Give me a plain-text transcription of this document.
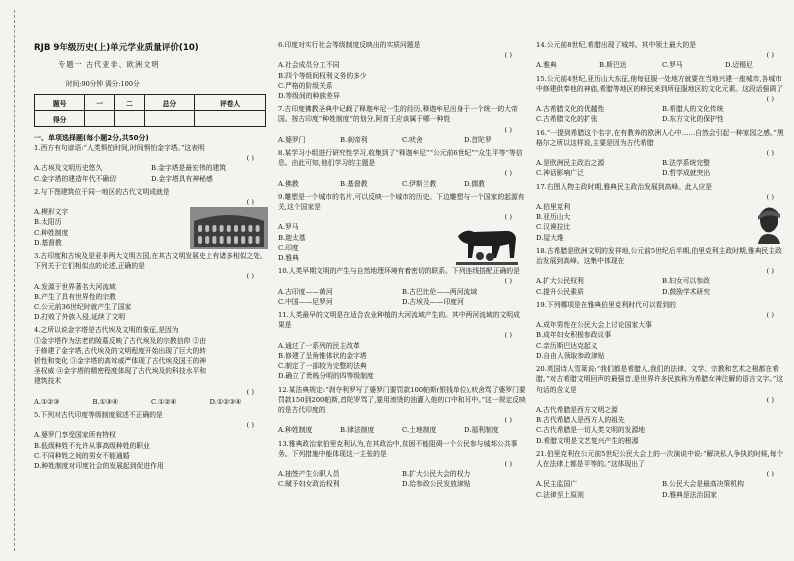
RJB 9年级历史(上)单元学业质量评价(10)
专题一 古代亚非、欧洲文明
时间:90分钟 满分:100分
题号	一	二	总分	评卷人
得分				
一、单项选择题(每小题2分,共50分)
1.西方有句谚语:“人类惧怕时间,时间惧怕金字塔。”这表明
( )
A.古埃及文明历史悠久	B.金字塔是最宏伟的建筑
C.金字塔的建造年代不确切	D.金字塔具有神秘感
2.与下图建筑位于同一地区的古代文明成就是
( )
A.楔形文字
B.太阳历
C.种姓制度
D.基督教
3.古印度和古埃及是亚非两大文明古国,在其古文明发展史上有诸多相似之处。下列关于它们相似点的论述,正确的是
( )
A.发源于世界著名大河流域
B.产生了具有世界性的宗教
C.公元前36世纪时就产生了国家
D.打败了外族入侵,延续了文明
4.之所以说金字塔是古代埃及文明的象征,是因为
①金字塔作为法老的陵墓反映了古代埃及的宗教信仰 ②由
于修建了金字塔,古代埃及的文明程度开始出现了巨大的转
折性和变化 ③金字塔的高耸威严体现了古代埃及国王的神
圣权威 ④金字塔的精密程度体现了古代埃及的科技水平和
建筑技术
( )
A.①②③	B.①③④	C.①②④	D.①②③④
5.下列对古代印度等级制度叙述不正确的是
( )
A.婆罗门享受国家所有特权
B.低级种姓不允许从事高级种姓的职业
C.不同种姓之间的男女不能通婚
D.种姓制度对印度社会的发展起到促进作用
6.印度对实行社会等级制度反映出的实质问题是
( )
A.社会成员分工不同
B.四个等级间权利义务的多少
C.严格的阶级关系
D.等级间的种族差异
7.古印度佛教圣典中记载了释迦牟尼一生的经历,释迦牟尼出身于一个统一的大帝国。按古印度“种姓制度”的划分,阿育王应该属于哪一种姓
( )
A.婆罗门	B.刹帝利	C.吠舍	D.首陀罗
8.某学习小组进行研究性学习,收集到了“释迦牟尼”“公元前6世纪”“众生平等”等信息。由此可知,他们学习的主题是
( )
A.佛教	B.基督教	C.伊斯兰教	D.儒教
9.雕塑是一个城市的名片,可以反映一个城市的历史。下边雕塑与一个国家的起源有关,这个国家是
( )
A.罗马
B.迦太基
C.印度
D.雅典
10.人类早期文明的产生与自然地理环境有着密切的联系。下列连线搭配正确的是
( )
A.古印度——黄河	B.古巴比伦——两河流域
C.中国——尼罗河	D.古埃及——印度河
11.人类最早的文明是在适合农业种植的大河流域产生的。其中两河流域的文明成果是
( )
A.通过了一系列的民主改革
B.修建了呈角锥体状的金字塔
C.制定了一部较为完整的法典
D.确立了贵贱分明的四等级制度
12.某法典规定:“剥夺利罗写了婆罗门要罚款100帕斯(银钱单位),吠舍骂了婆罗门要罚款150到200帕斯,首陀罗骂了,要用滚烫的油灌入他的口中和耳中。”这一规定反映的是古代印度的
( )
A.种姓制度	B.律法制度	C.土地制度	D.福利制度
13.雅典政治家伯里克利认为,在其政治中,贫困不能阻碍一个公民参与城邦公共事务。下列措施中能体现这一主张的是
( )
A.抽签产生公职人员	B.扩大公民大会的权力
C.赋予妇女政治权利	D.给参政公民发放津贴
14.公元前8世纪,希腊出现了城邦。其中领土最大的是
( )
A.雅典	B.斯巴达	C.罗马	D.迈锡尼
15.公元前4世纪,亚历山大东征,他每征服一处地方就要在当地兴建一座城市,各城市中修建供奉他的神庙,希腊等地区的移民来到所征服地区的文化元素。这段话强调了
( )
A.古希腊文化的优越性	B.希腊人的文化传统
C.古希腊文化的扩张	D.东方文化的保护性
16.“一提到希腊这个名字,在有教养的欧洲人心中……自然会引起一种家园之感。”黑格尔之所以这样说,主要是因为古代希腊
( )
A.是欧洲民主政治之源	B.法学系统完整
C.神话影响广泛	D.哲学成就突出
17.右图人物主政时期,雅典民主政治发展到高峰。此人应是
( )
A.伯里克利
B.亚历山大
C.汉谟拉比
D.屋大维
18.古希腊是欧洲文明的发祥地,公元前5世纪后半期,伯里克利主政时期,雅典民主政治发展到高峰。这集中体现在
( )
A.扩大公民权利	B.妇女可以参政
C.提升公民素质	D.鼓励学术研究
19.下列哪项是在雅典伯里克利时代可以看到的
( )
A.成年男性在公民大会上讨论国家大事
B.成年妇女积极参政议事
C.亲历斯巴达克起义
D.自由人领取参政津贴
20.英国诗人雪莱说:“我们都是希腊人,我们的法律、文学、宗教和艺术之根都在希腊。”对古希腊文明回声的最强音,是世界许多民族称为希腊女神注解的语言文字。”这句话的含义是
( )
A.古代希腊是西方文明之源
B.古代希腊人是西方人的祖先
C.古代希腊是一切人类文明的发源地
D.希腊文明是文艺复兴产生的根源
21.伯里克利在公元前5世纪公民大会上的一次演说中说:“解决私人争执的时候,每个人在法律上都是平等的。”这体现出了
( )
A.民主监国广	B.公民大会是最高决策机构
C.法律至上原则	D.雅典是法治国家
